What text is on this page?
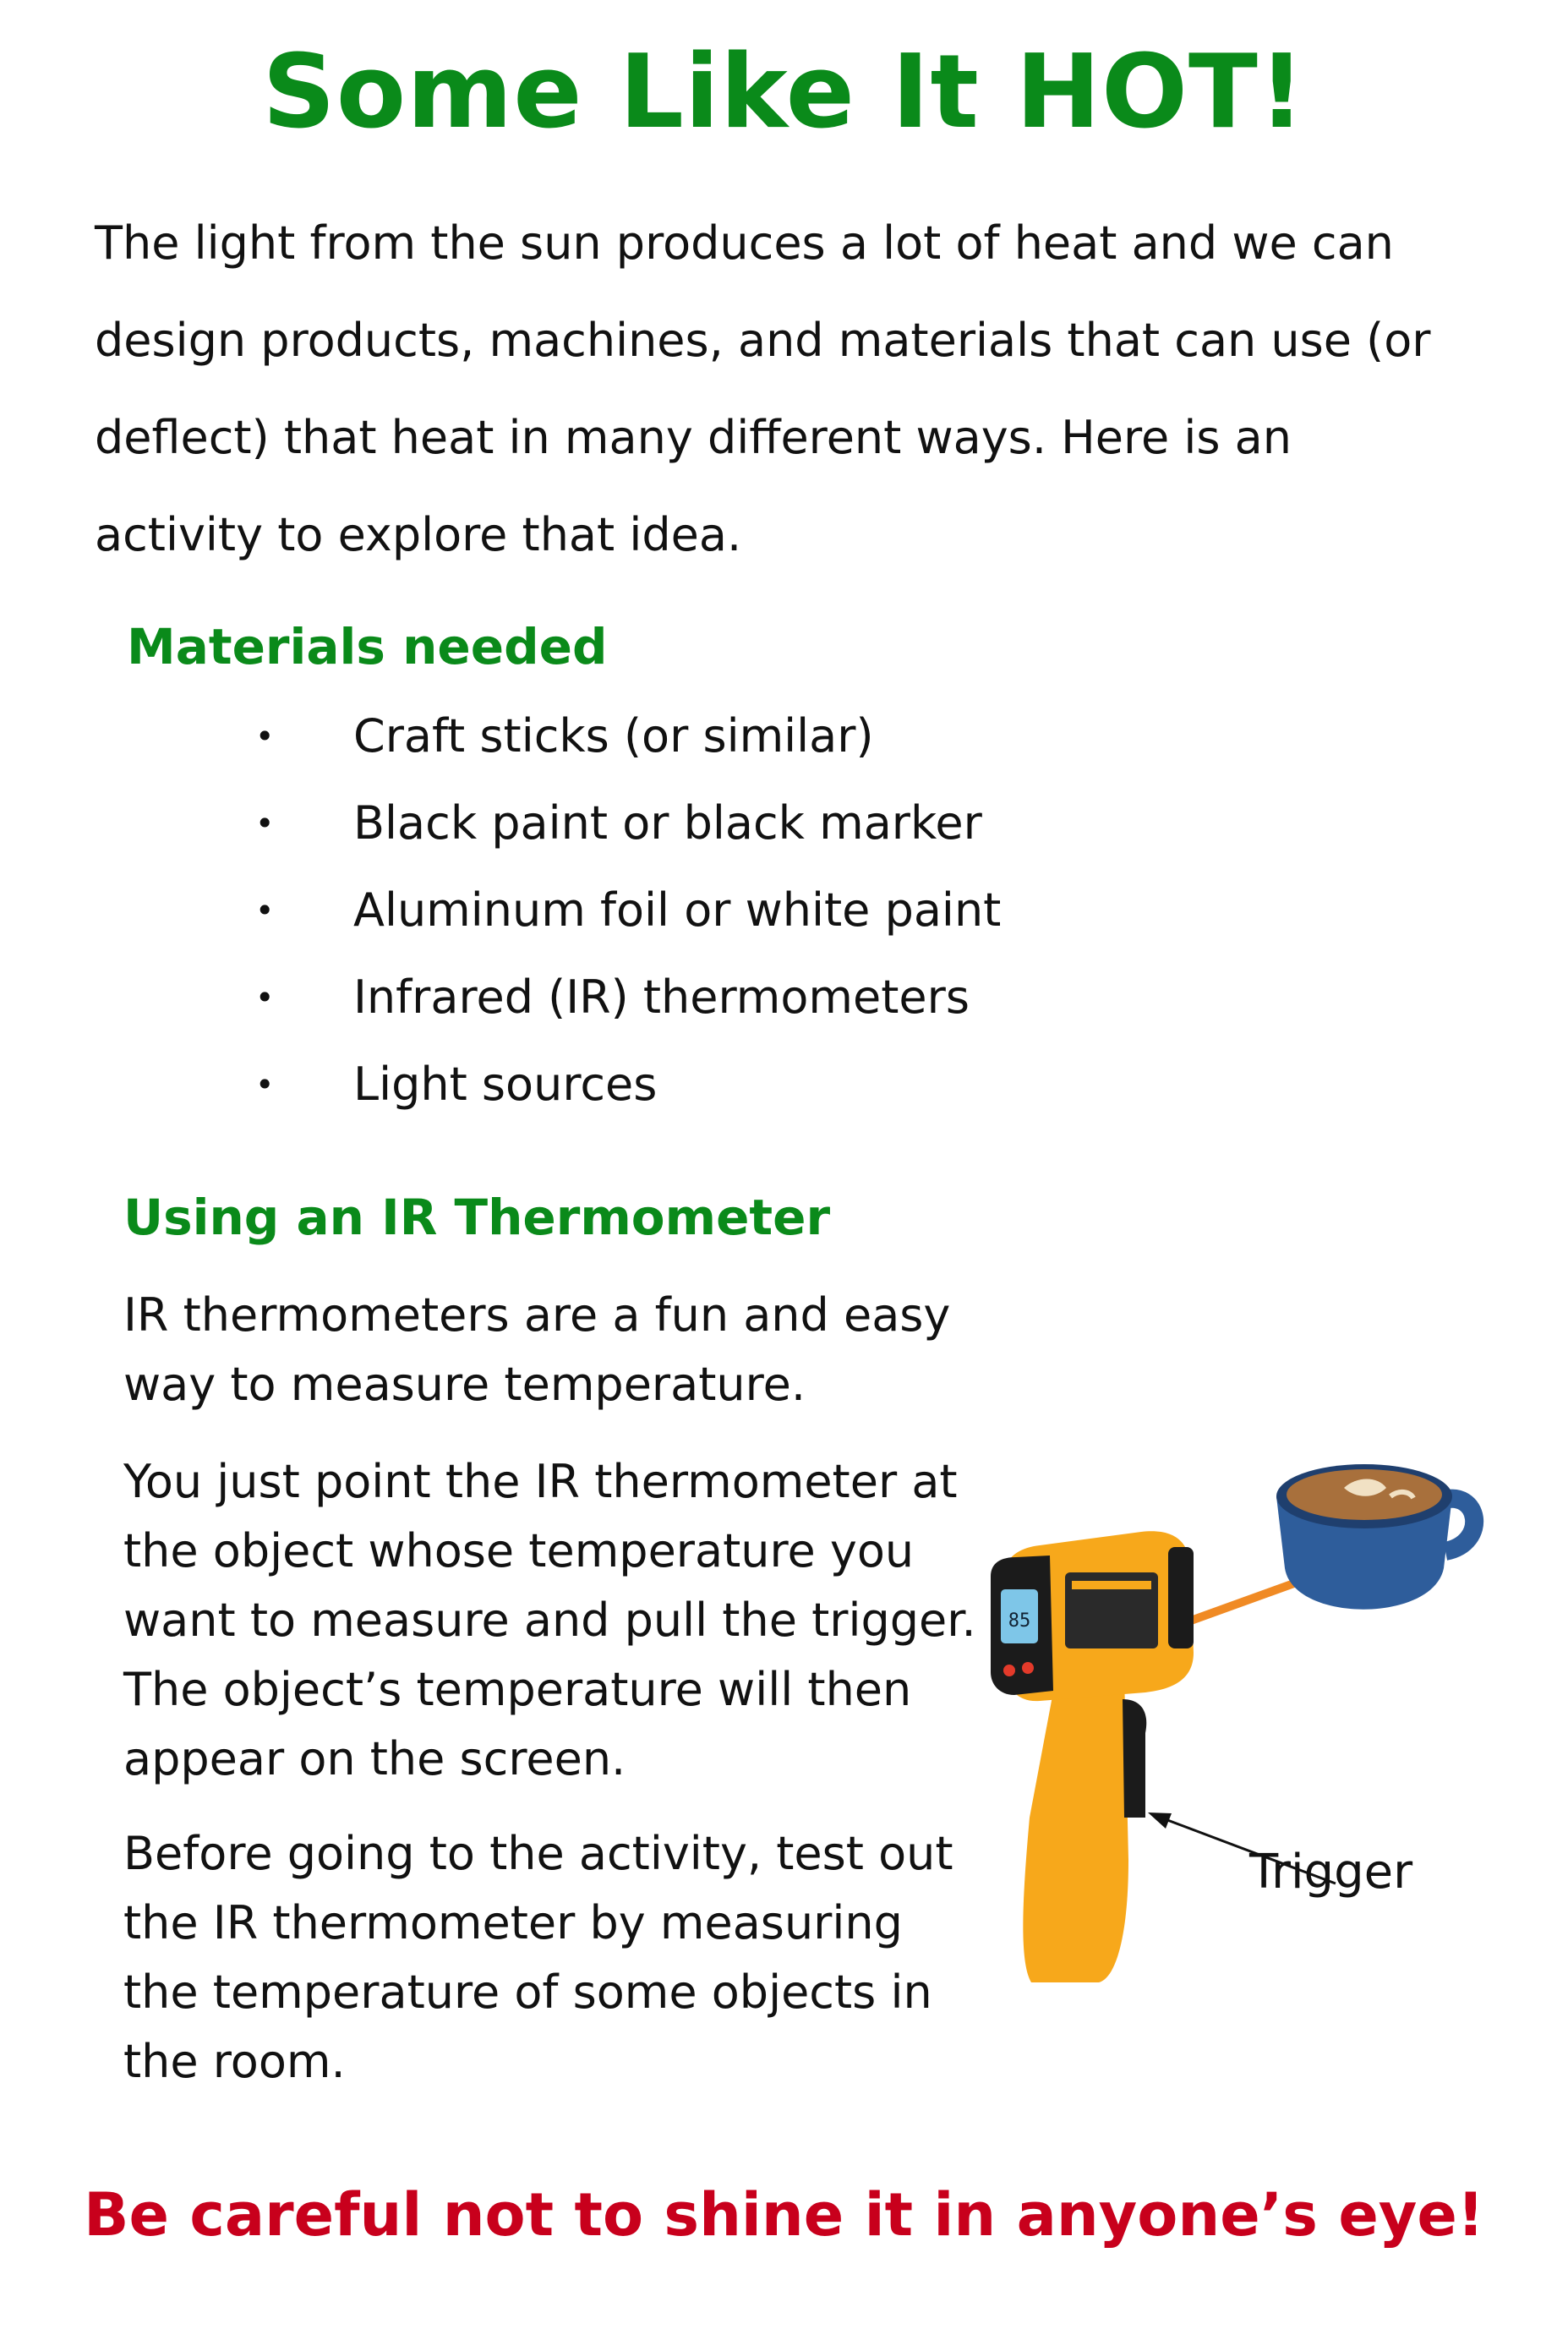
Some Like It HOT!
The light from the sun produces a lot of heat and we can design products, machines, and materials that can use (or deflect) that heat in many different ways. Here is an activity to explore that idea.
Materials needed
• Craft sticks (or similar)
• Black paint or black marker
• Aluminum foil or white paint
• Infrared (IR) thermometers
• Light sources
Using an IR Thermometer

IR thermometers are a fun and easy way to measure temperature.

You just point the IR thermometer at the object whose temperature you want to measure and pull the trigger. The object’s temperature will then appear on the screen.

Before going to the activity, test out the IR thermometer by measuring the temperature of some objects in the room.

85
Trigger
Be careful not to shine it in anyone’s eye!
